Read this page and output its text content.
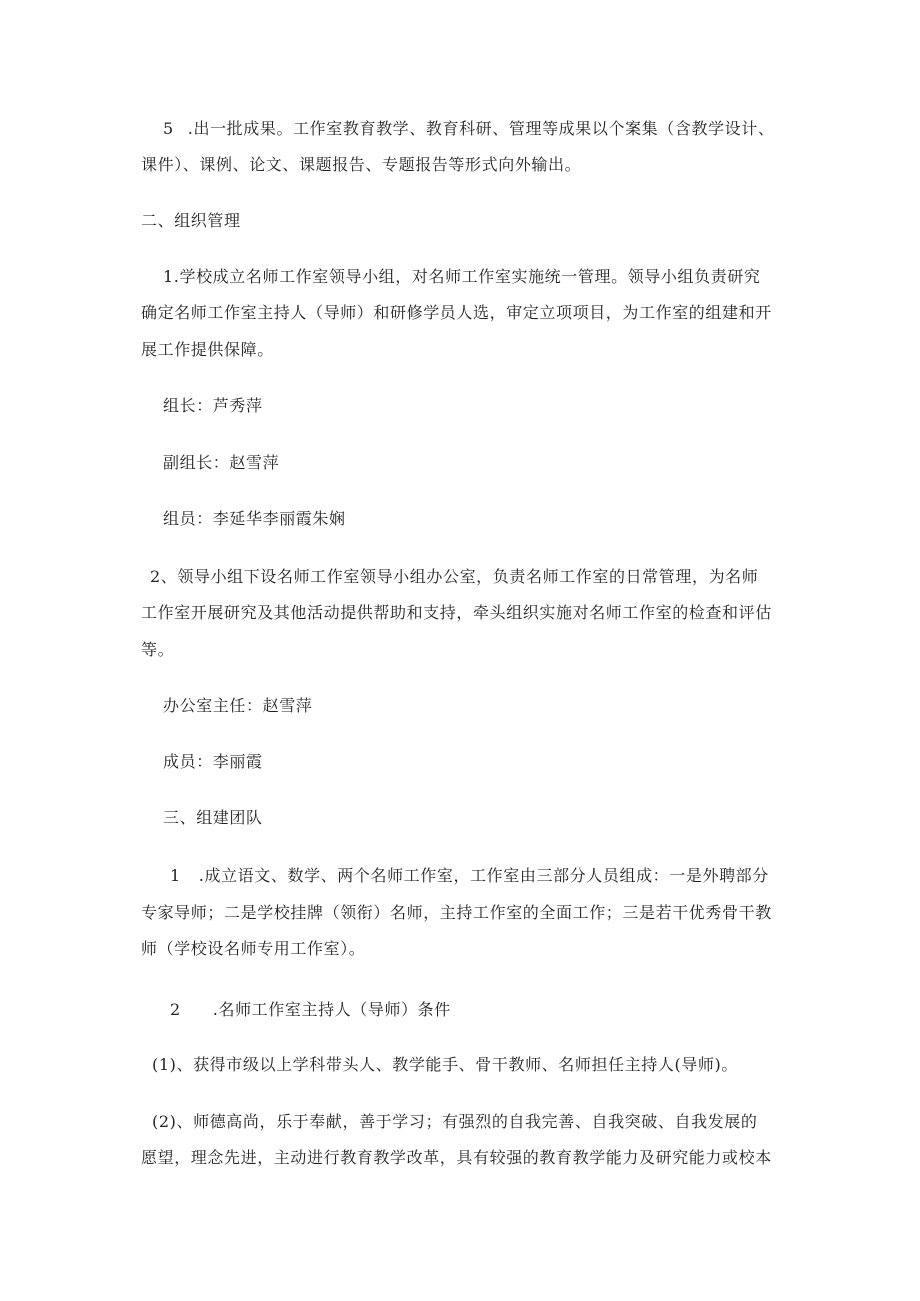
5 .出一批成果。工作室教育教学、教育科研、管理等成果以个案集（含教学设计、
课件）、课例、论文、课题报告、专题报告等形式向外输出。
二、组织管理
1.学校成立名师工作室领导小组，对名师工作室实施统一管理。领导小组负责研究
确定名师工作室主持人（导师）和研修学员人选，审定立项项目，为工作室的组建和开
展工作提供保障。
组长：芦秀萍
副组长：赵雪萍
组员：李延华李丽霞朱娴
2、领导小组下设名师工作室领导小组办公室，负责名师工作室的日常管理，为名师
工作室开展研究及其他活动提供帮助和支持，牵头组织实施对名师工作室的检查和评估
等。
办公室主任：赵雪萍
成员：李丽霞
三、组建团队
1 .成立语文、数学、两个名师工作室，工作室由三部分人员组成：一是外聘部分
专家导师；二是学校挂牌（领衔）名师，主持工作室的全面工作；三是若干优秀骨干教
师（学校设名师专用工作室）。
2 .名师工作室主持人（导师）条件
(1)、获得市级以上学科带头人、教学能手、骨干教师、名师担任主持人(导师)。
(2)、师德高尚，乐于奉献，善于学习；有强烈的自我完善、自我突破、自我发展的
愿望，理念先进，主动进行教育教学改革，具有较强的教育教学能力及研究能力或校本
